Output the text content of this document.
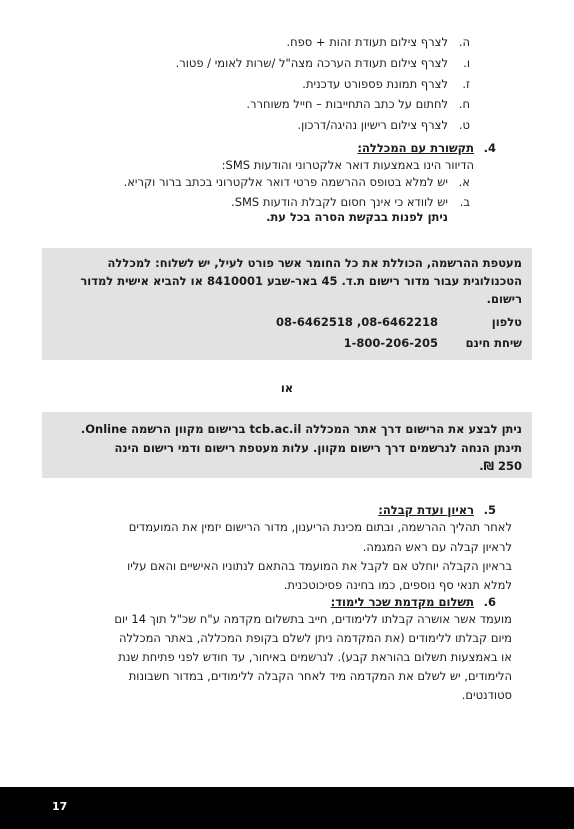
ה.
לצרף צילום תעודת זהות + ספח.
ו.
לצרף צילום תעודת הערכה מצה"ל /שרות לאומי / פטור.
ז.
לצרף תמונת פספורט עדכנית.
ח.
לחתום על כתב התחייבות – חייל משוחרר.
ט.
לצרף צילום רישיון נהיגה/דרכון.
4.
תקשורת עם המכללה:
הדיוור הינו באמצעות דואר אלקטרוני והודעות SMS:
א.
יש למלא בטופס ההרשמה פרטי דואר אלקטרוני בכתב ברור וקריא.
ב.
יש לוודא כי אינך חסום לקבלת הודעות SMS.
ניתן לפנות בבקשת הסרה בכל עת.
מעטפת ההרשמה, הכוללת את כל החומר אשר פורט לעיל, יש לשלוח: למכללה
הטכנולוגית עבור מדור רישום ת.ד. 45 באר-שבע 8410001 או להביא אישית למדור
רישום.
טלפון
08-6462518 ,08-6462218
שיחת חינם
1-800-206-205
או
ניתן לבצע את הרישום דרך אתר המכללה tcb.ac.il ברישום מקוון הרשמה Online.
תינתן הנחה לנרשמים דרך רישום מקוון. עלות מעטפת רישום ודמי רישום הינה
250 ₪.
5.
ראיון ועדת קבלה:
לאחר תהליך ההרשמה, ובתום מכינת הריענון, מדור הרישום יזמין את המועמדים
לראיון קבלה עם ראש המגמה.
בראיון הקבלה יוחלט אם לקבל את המועמד בהתאם לנתוניו האישיים והאם עליו
למלא תנאי סף נוספים, כמו בחינה פסיכוטכנית.
6.
תשלום מקדמת שכר לימוד:
מועמד אשר אושרה קבלתו ללימודים, חייב בתשלום מקדמה ע"ח שכ"ל תוך 14 יום
מיום קבלתו ללימודים (את המקדמה ניתן לשלם בקופת המכללה, באתר המכללה
או באמצעות תשלום בהוראת קבע). לנרשמים באיחור, עד חודש לפני פתיחת שנת
הלימודים, יש לשלם את המקדמה מיד לאחר הקבלה ללימודים, במדור חשבונות
סטודנטים.
17
